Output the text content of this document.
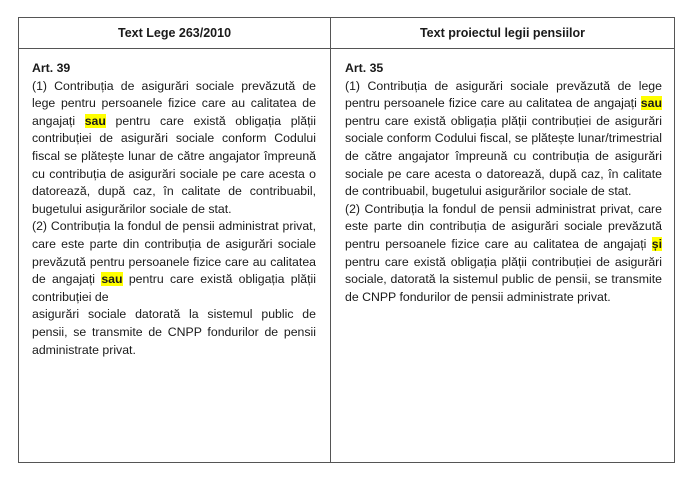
Text Lege 263/2010	Text proiectul legii pensiilor
Art. 39

(1) Contribuția de asigurări sociale prevăzută de lege pentru persoanele fizice care au calitatea de angajați sau pentru care există obligația plății contribuției de asigurări sociale conform Codului fiscal se plătește lunar de către angajator împreună cu contribuția de asigurări sociale pe care acesta o datorează, după caz, în calitate de contribuabil, bugetului asigurărilor sociale de stat.

(2) Contribuția la fondul de pensii administrat privat, care este parte din contribuția de asigurări sociale prevăzută pentru persoanele fizice care au calitatea de angajați sau pentru care există obligația plății contribuției de

asigurări sociale datorată la sistemul public de pensii, se transmite de CNPP fondurilor de pensii administrate privat.

Art. 35

(1) Contribuția de asigurări sociale prevăzută de lege pentru persoanele fizice care au calitatea de angajați sau pentru care există obligația plății contribuției de asigurări sociale conform Codului fiscal, se plătește lunar/trimestrial de către angajator împreună cu contribuția de asigurări sociale pe care acesta o datorează, după caz, în calitate de contribuabil, bugetului asigurărilor sociale de stat.

(2) Contribuția la fondul de pensii administrat privat, care este parte din contribuția de asigurări sociale prevăzută pentru persoanele fizice care au calitatea de angajați și pentru care există obligația plății contribuției de asigurări sociale, datorată la sistemul public de pensii, se transmite de CNPP fondurilor de pensii administrate privat.
